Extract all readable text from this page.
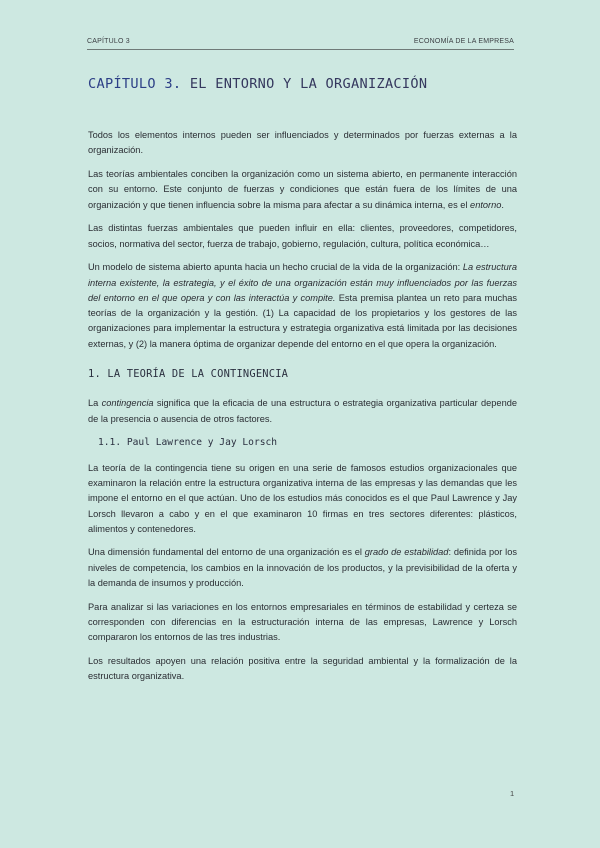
CAPÍTULO 3	ECONOMÍA DE LA EMPRESA
CAPÍTULO 3. EL ENTORNO Y LA ORGANIZACIÓN

Todos los elementos internos pueden ser influenciados y determinados por fuerzas externas a la organización.

Las teorías ambientales conciben la organización como un sistema abierto, en permanente interacción con su entorno. Este conjunto de fuerzas y condiciones que están fuera de los límites de una organización y que tienen influencia sobre la misma para afectar a su dinámica interna, es el entorno.

Las distintas fuerzas ambientales que pueden influir en ella: clientes, proveedores, competidores, socios, normativa del sector, fuerza de trabajo, gobierno, regulación, cultura, política económica…

Un modelo de sistema abierto apunta hacia un hecho crucial de la vida de la organización: La estructura interna existente, la estrategia, y el éxito de una organización están muy influenciados por las fuerzas del entorno en el que opera y con las interactúa y compite. Esta premisa plantea un reto para muchas teorías de la organización y la gestión. (1) La capacidad de los propietarios y los gestores de las organizaciones para implementar la estructura y estrategia organizativa está limitada por las decisiones externas, y (2) la manera óptima de organizar depende del entorno en el que opera la organización.

1. LA TEORÍA DE LA CONTINGENCIA

La contingencia significa que la eficacia de una estructura o estrategia organizativa particular depende de la presencia o ausencia de otros factores.

1.1. Paul Lawrence y Jay Lorsch

La teoría de la contingencia tiene su origen en una serie de famosos estudios organizacionales que examinaron la relación entre la estructura organizativa interna de las empresas y las demandas que les impone el entorno en el que actúan. Uno de los estudios más conocidos es el que Paul Lawrence y Jay Lorsch llevaron a cabo y en el que examinaron 10 firmas en tres sectores diferentes: plásticos, alimentos y contenedores.

Una dimensión fundamental del entorno de una organización es el grado de estabilidad: definida por los niveles de competencia, los cambios en la innovación de los productos, y la previsibilidad de la oferta y la demanda de insumos y producción.

Para analizar si las variaciones en los entornos empresariales en términos de estabilidad y certeza se corresponden con diferencias en la estructuración interna de las empresas, Lawrence y Lorsch compararon los entornos de las tres industrias.

Los resultados apoyen una relación positiva entre la seguridad ambiental y la formalización de la estructura organizativa.

1
